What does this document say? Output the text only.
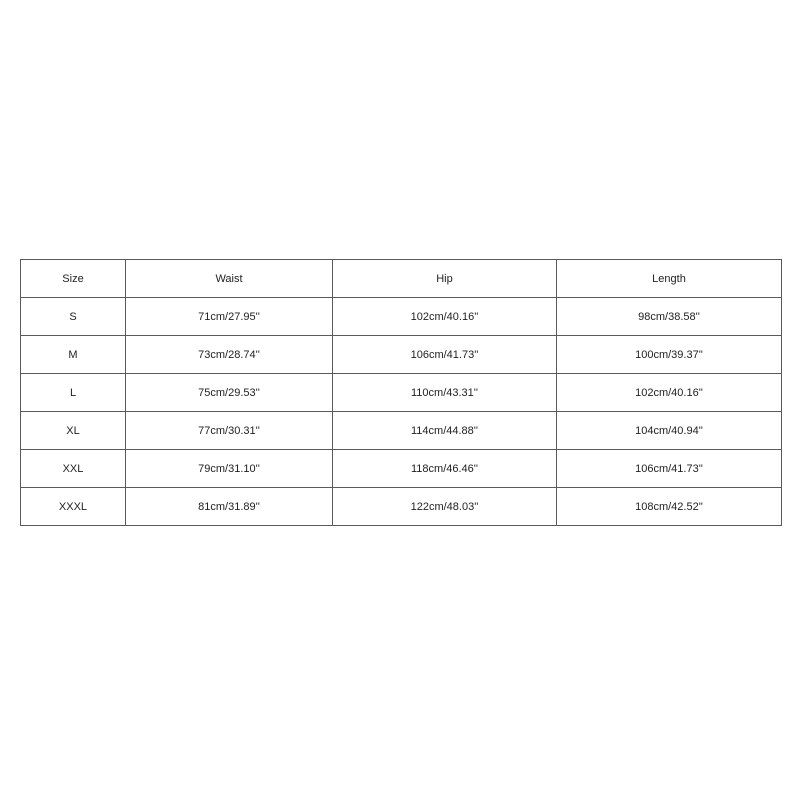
Size	Waist	Hip	Length
S	71cm/27.95''	102cm/40.16''	98cm/38.58''
M	73cm/28.74''	106cm/41.73''	100cm/39.37''
L	75cm/29.53''	110cm/43.31''	102cm/40.16''
XL	77cm/30.31''	114cm/44.88''	104cm/40.94''
XXL	79cm/31.10''	118cm/46.46''	106cm/41.73''
XXXL	81cm/31.89''	122cm/48.03''	108cm/42.52''
